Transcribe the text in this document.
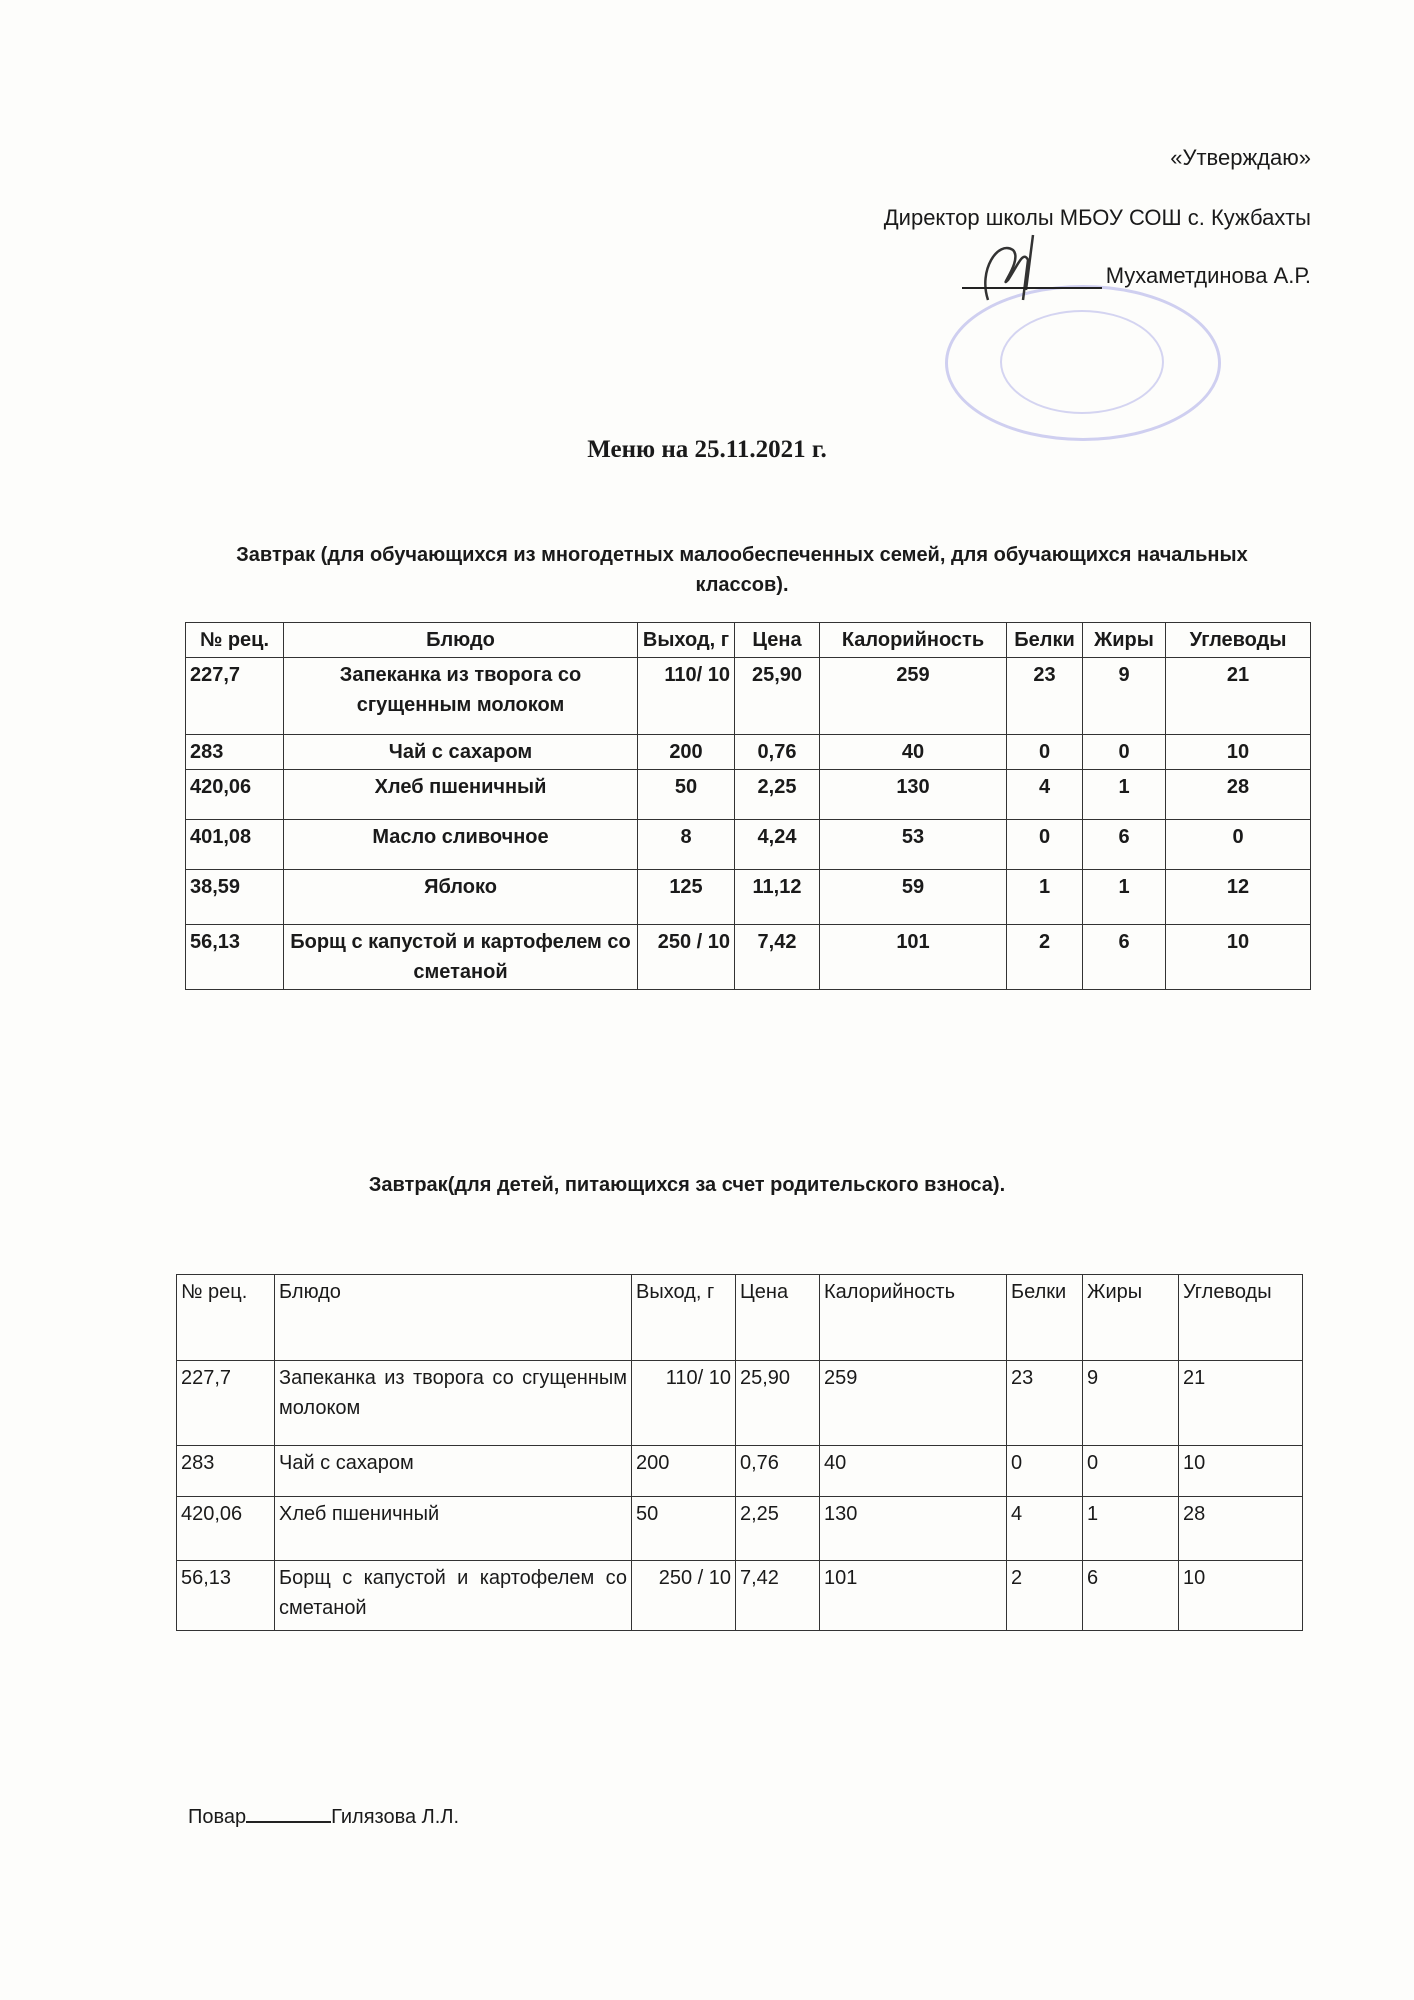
«Утверждаю»
Директор школы МБОУ СОШ с. Кужбахты
Мухаметдинова А.Р.
Меню на 25.11.2021 г.
Завтрак (для обучающихся из многодетных малообеспеченных семей, для обучающихся начальных классов).
№ рец.	Блюдо	Выход, г	Цена	Калорийность	Белки	Жиры	Углеводы
227,7	Запеканка из творога со сгущенным молоком	110/ 10	25,90	259	23	9	21
283	Чай с сахаром	200	0,76	40	0	0	10
420,06	Хлеб пшеничный	50	2,25	130	4	1	28
401,08	Масло сливочное	8	4,24	53	0	6	0
38,59	Яблоко	125	11,12	59	1	1	12
56,13	Борщ с капустой и картофелем со сметаной	250 / 10	7,42	101	2	6	10
Завтрак(для детей, питающихся за счет родительского взноса).
№ рец.	Блюдо	Выход, г	Цена	Калорийность	Белки	Жиры	Углеводы
227,7	Запеканка из творога со сгущенным молоком	110/ 10	25,90	259	23	9	21
283	Чай с сахаром	200	0,76	40	0	0	10
420,06	Хлеб пшеничный	50	2,25	130	4	1	28
56,13	Борщ с капустой и картофелем со сметаной	250 / 10	7,42	101	2	6	10
Повар	Гилязова Л.Л.
